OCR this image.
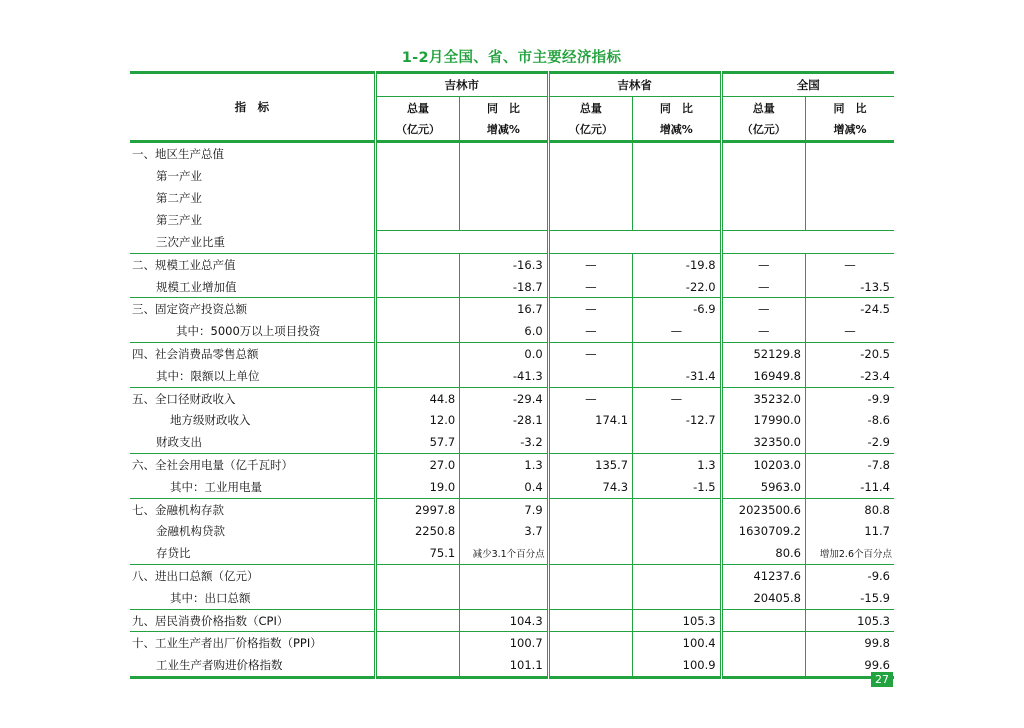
1-2月全国、省、市主要经济指标
指　标	吉林市		吉林省		全国	
	总量	同　比	总量	同　比	总量	同　比
	（亿元）	增减%	（亿元）	增减%	（亿元）	增减%
一、地区生产总值						
第一产业						
第二产业						
第三产业						
三次产业比重						
二、规模工业总产值		-16.3	—	-19.8	—	—
规模工业增加值		-18.7	—	-22.0	—	-13.5
三、固定资产投资总额		16.7	—	-6.9	—	-24.5
其中：5000万以上项目投资		6.0	—	—	—	—
四、社会消费品零售总额		0.0	—		52129.8	-20.5
其中：限额以上单位		-41.3		-31.4	16949.8	-23.4
五、全口径财政收入	44.8	-29.4	—	—	35232.0	-9.9
地方级财政收入	12.0	-28.1	174.1	-12.7	17990.0	-8.6
财政支出	57.7	-3.2			32350.0	-2.9
六、全社会用电量（亿千瓦时）	27.0	1.3	135.7	1.3	10203.0	-7.8
其中：工业用电量	19.0	0.4	74.3	-1.5	5963.0	-11.4
七、金融机构存款	2997.8	7.9			2023500.6	80.8
金融机构贷款	2250.8	3.7			1630709.2	11.7
存贷比	75.1	减少3.1个百分点			80.6	增加2.6个百分点
八、进出口总额（亿元）					41237.6	-9.6
其中：出口总额					20405.8	-15.9
九、居民消费价格指数（CPI）		104.3		105.3		105.3
十、工业生产者出厂价格指数（PPI）		100.7		100.4		99.8
工业生产者购进价格指数		101.1		100.9		99.6
27
